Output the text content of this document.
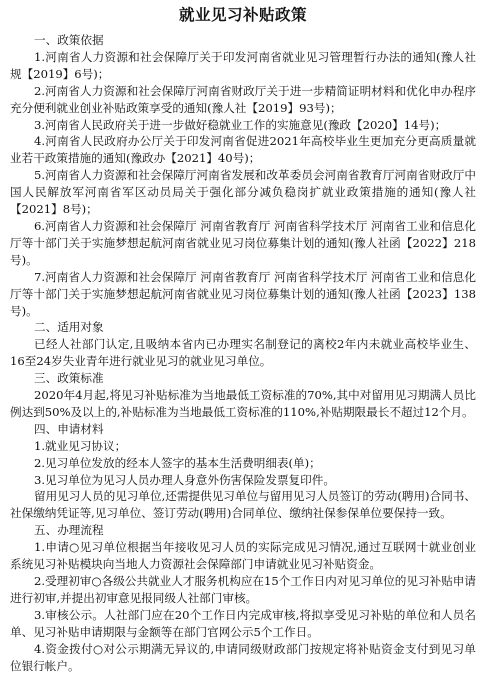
就业见习补贴政策

一、政策依据

1.河南省人力资源和社会保障厅关于印发河南省就业见习管理暂行办法的通知(豫人社规【2019】6号)；

2.河南省人力资源和社会保障厅河南省财政厅关于进一步精简证明材料和优化申办程序充分便利就业创业补贴政策享受的通知(豫人社【2019】93号)；

3.河南省人民政府关于进一步做好稳就业工作的实施意见(豫政【2020】14号)；

4.河南省人民政府办公厅关于印发河南省促进2021年高校毕业生更加充分更高质量就业若干政策措施的通知(豫政办【2021】40号)；

5.河南省人力资源和社会保障厅河南省发展和改革委员会河南省教育厅河南省财政厅中国人民解放军河南省军区动员局关于强化部分减负稳岗扩就业政策措施的通知(豫人社【2021】8号)；

6.河南省人力资源和社会保障厅 河南省教育厅 河南省科学技术厅 河南省工业和信息化厅等十部门关于实施梦想起航河南省就业见习岗位募集计划的通知(豫人社函【2022】218号)。

7.河南省人力资源和社会保障厅 河南省教育厅 河南省科学技术厅 河南省工业和信息化厅等十部门关于实施梦想起航河南省就业见习岗位募集计划的通知(豫人社函【2023】138号)。

二、适用对象

已经人社部门认定,且吸纳本省内已办理实名制登记的离校2年内未就业高校毕业生、16至24岁失业青年进行就业见习的就业见习单位。

三、政策标准

2020年4月起,将见习补贴标准为当地最低工资标准的70%,其中对留用见习期满人员比例达到50%及以上的,补贴标准为当地最低工资标准的110%,补贴期限最长不超过12个月。

四、申请材料

1.就业见习协议；

2.见习单位发放的经本人签字的基本生活费明细表(单)；

3.见习单位为见习人员办理人身意外伤害保险发票复印件。

留用见习人员的见习单位,还需提供见习单位与留用见习人员签订的劳动(聘用)合同书、社保缴纳凭证等,见习单位、签订劳动(聘用)合同单位、缴纳社保参保单位要保持一致。

五、办理流程

1.申请○见习单位根据当年接收见习人员的实际完成见习情况,通过互联网十就业创业系统见习补贴模块向当地人力资源社会保障部门申请就业见习补贴资金。

2.受理初审○各级公共就业人才服务机构应在15个工作日内对见习单位的见习补贴申请进行初审,并提出初审意见报同级人社部门审核。

3.审核公示。人社部门应在20个工作日内完成审核,将拟享受见习补贴的单位和人员名单、见习补贴申请期限与金额等在部门官网公示5个工作日。

4.资金拨付○对公示期满无异议的,申请同级财政部门按规定将补贴资金支付到见习单位银行帐户。
